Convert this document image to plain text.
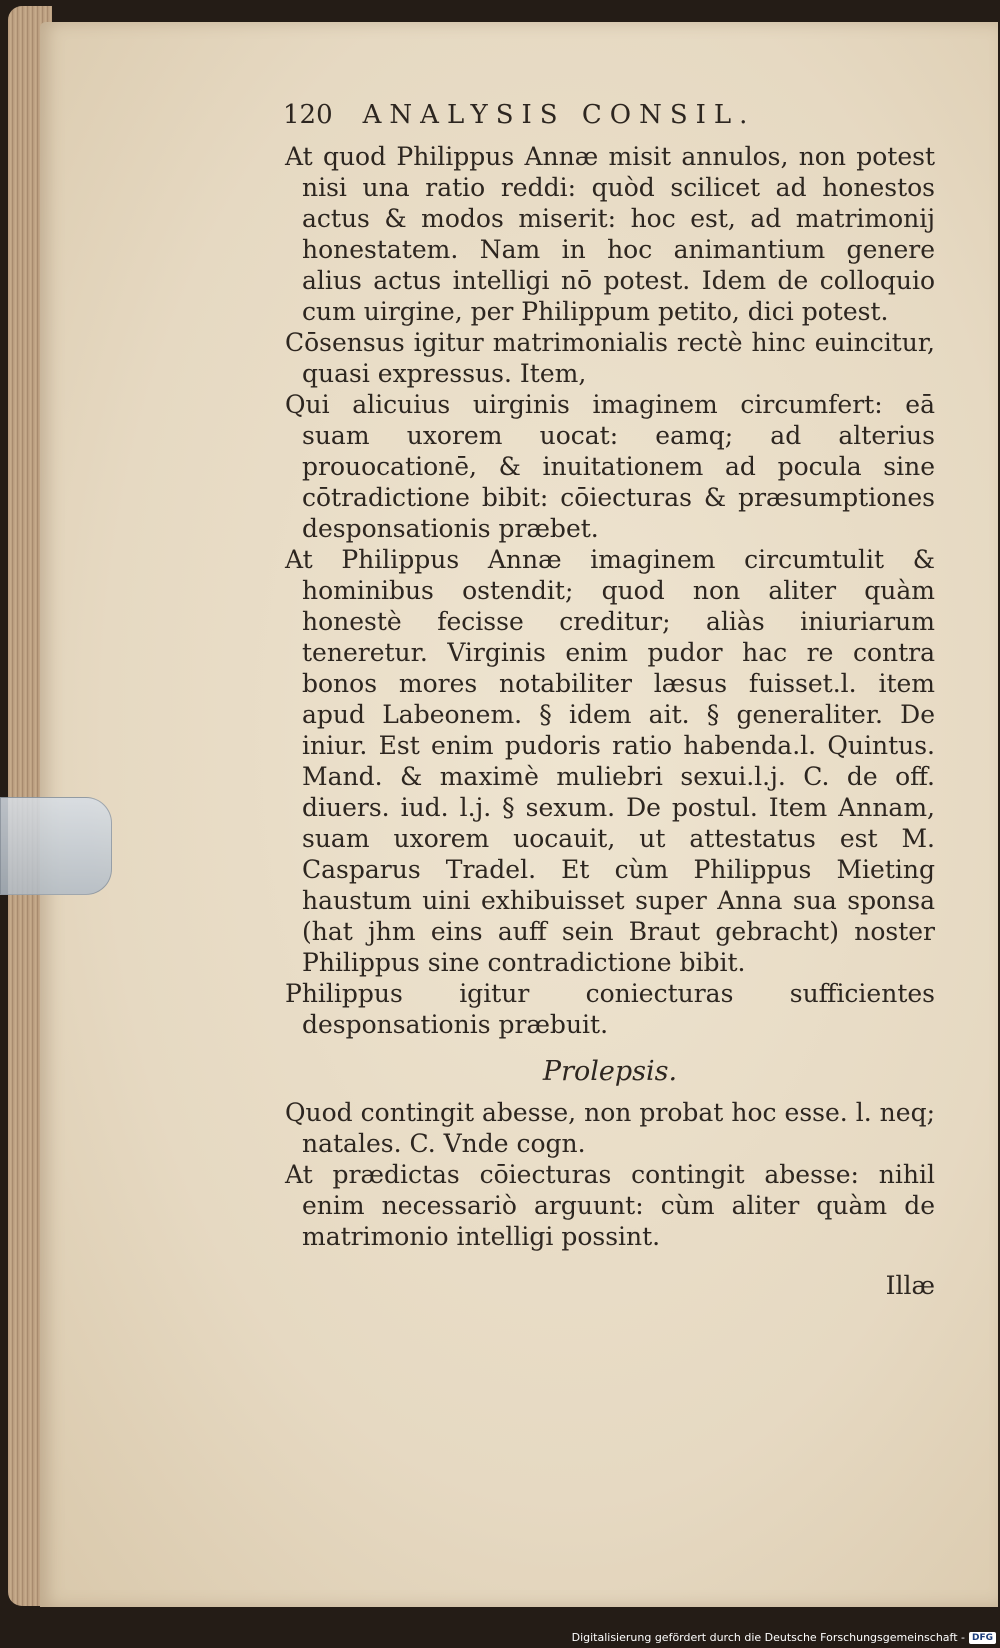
120 ANALYSIS CONSIL.

At quod Philippus Annæ misit annulos, non potest nisi una ratio reddi: quòd scilicet ad honestos actus & modos miserit: hoc est, ad matrimonij honestatem. Nam in hoc animantium genere alius actus intelligi nō potest. Idem de colloquio cum uirgine, per Philippum petito, dici potest.

Cōsensus igitur matrimonialis rectè hinc euincitur, quasi expressus. Item,

Qui alicuius uirginis imaginem circumfert: eā suam uxorem uocat: eamq; ad alterius prouocationē, & inuitationem ad pocula sine cōtradictione bibit: cōiecturas & præsumptiones desponsationis præbet.

At Philippus Annæ imaginem circumtulit & hominibus ostendit; quod non aliter quàm honestè fecisse creditur; aliàs iniuriarum teneretur. Virginis enim pudor hac re contra bonos mores notabiliter læsus fuisset.l. item apud Labeonem. § idem ait. § generaliter. De iniur. Est enim pudoris ratio habenda.l. Quintus. Mand. & maximè muliebri sexui.l.j. C. de off. diuers. iud. l.j. § sexum. De postul. Item Annam, suam uxorem uocauit, ut attestatus est M. Casparus Tradel. Et cùm Philippus Mieting haustum uini exhibuisset super Anna sua sponsa (hat jhm eins auff sein Braut gebracht) noster Philippus sine contradictione bibit.

Philippus igitur coniecturas sufficientes desponsationis præbuit.

Prolepsis.

Quod contingit abesse, non probat hoc esse. l. neq; natales. C. Vnde cogn.

At prædictas cōiecturas contingit abesse: nihil enim necessariò arguunt: cùm aliter quàm de matrimonio intelligi possint.

Illæ
Digitalisierung gefördert durch die Deutsche Forschungsgemeinschaft - DFG
